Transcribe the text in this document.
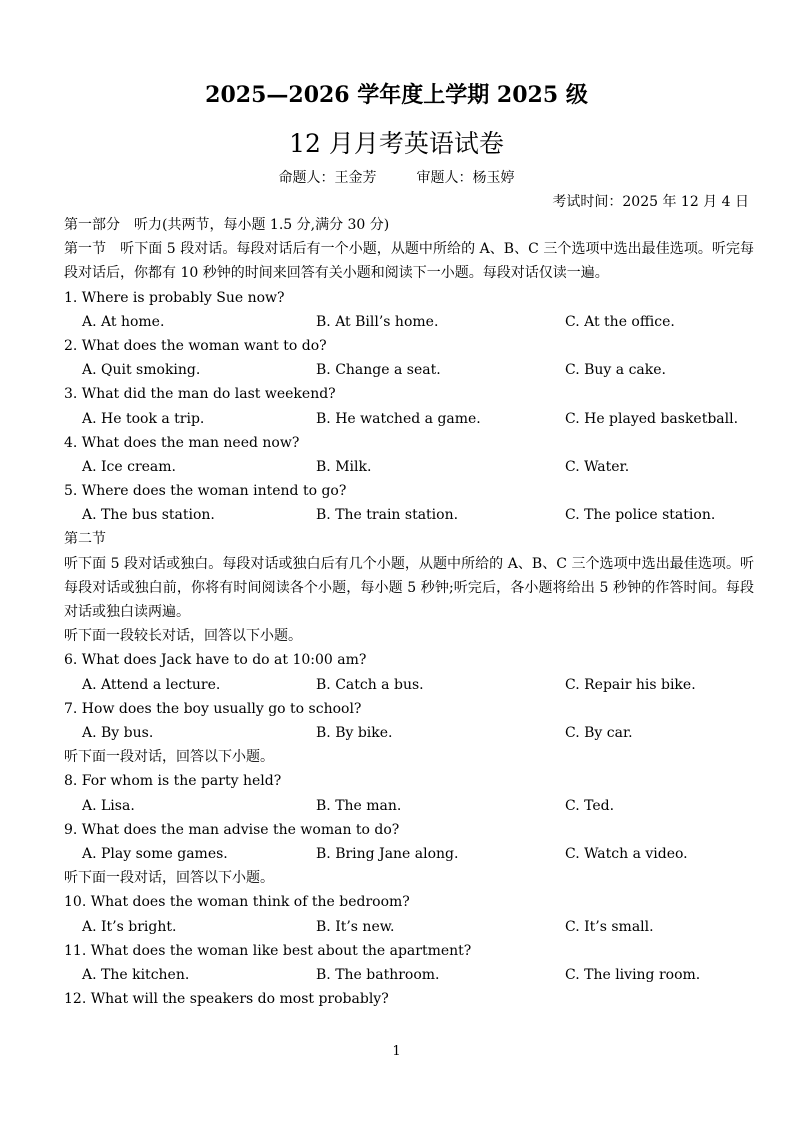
2025—2026 学年度上学期 2025 级
12 月月考英语试卷
命题人：王金芳	审题人：杨玉婷
考试时间：2025 年 12 月 4 日
第一部分　听力(共两节，每小题 1.5 分,满分 30 分)
第一节　听下面 5 段对话。每段对话后有一个小题，从题中所给的 A、B、C 三个选项中选出最佳选项。听完每段对话后，你都有 10 秒钟的时间来回答有关小题和阅读下一小题。每段对话仅读一遍。
1. Where is probably Sue now?
A. At home.	B. At Bill’s home.	C. At the office.
2. What does the woman want to do?
A. Quit smoking.	B. Change a seat.	C. Buy a cake.
3. What did the man do last weekend?
A. He took a trip.	B. He watched a game.	C. He played basketball.
4. What does the man need now?
A. Ice cream.	B. Milk.	C. Water.
5. Where does the woman intend to go?
A. The bus station.	B. The train station.	C. The police station.
第二节
听下面 5 段对话或独白。每段对话或独白后有几个小题，从题中所给的 A、B、C 三个选项中选出最佳选项。听每段对话或独白前，你将有时间阅读各个小题，每小题 5 秒钟;听完后，各小题将给出 5 秒钟的作答时间。每段对话或独白读两遍。
听下面一段较长对话，回答以下小题。
6. What does Jack have to do at 10:00 am?
A. Attend a lecture.	B. Catch a bus.	C. Repair his bike.
7. How does the boy usually go to school?
A. By bus.	B. By bike.	C. By car.
听下面一段对话，回答以下小题。
8. For whom is the party held?
A. Lisa.	B. The man.	C. Ted.
9. What does the man advise the woman to do?
A. Play some games.	B. Bring Jane along.	C. Watch a video.
听下面一段对话，回答以下小题。
10. What does the woman think of the bedroom?
A. It’s bright.	B. It’s new.	C. It’s small.
11. What does the woman like best about the apartment?
A. The kitchen.	B. The bathroom.	C. The living room.
12. What will the speakers do most probably?
1
